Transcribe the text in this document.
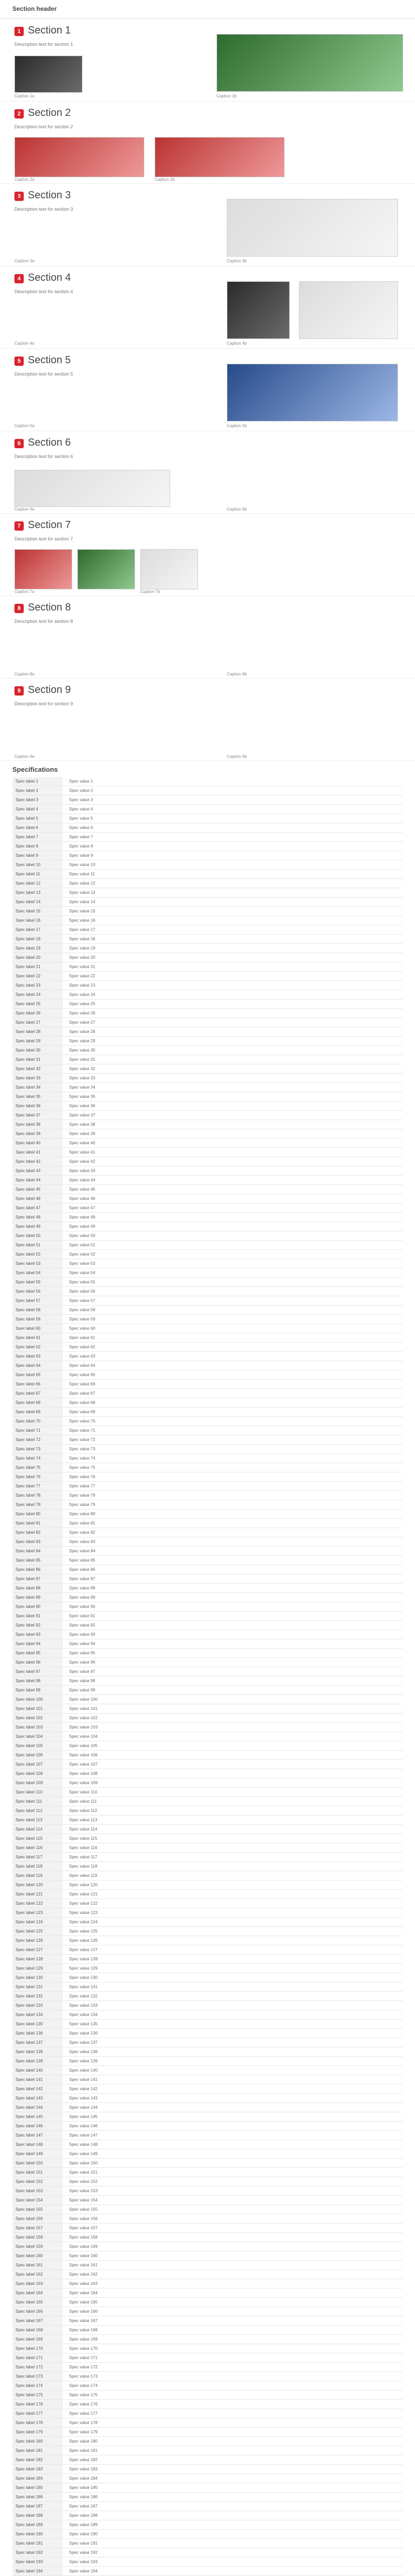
Section header
1 Section 1
Description text for section 1
Caption 1a	Caption 1b
2 Section 2
Description text for section 2
Caption 2a	Caption 2b
3 Section 3
Description text for section 3
Caption 3a	Caption 3b
4 Section 4
Description text for section 4
Caption 4a	Caption 4b
5 Section 5
Description text for section 5
Caption 5a	Caption 5b
6 Section 6
Description text for section 6
Caption 6a	Caption 6b
7 Section 7
Description text for section 7
Caption 7a	Caption 7b
8 Section 8
Description text for section 8
Caption 8a	Caption 8b
9 Section 9
Description text for section 9
Caption 9a	Caption 9b
Specifications
Spec label 1	Spec value 1
Spec label 2	Spec value 2
Spec label 3	Spec value 3
Spec label 4	Spec value 4
Spec label 5	Spec value 5
Spec label 6	Spec value 6
Spec label 7	Spec value 7
Spec label 8	Spec value 8
Spec label 9	Spec value 9
Spec label 10	Spec value 10
Spec label 11	Spec value 11
Spec label 12	Spec value 12
Spec label 13	Spec value 13
Spec label 14	Spec value 14
Spec label 15	Spec value 15
Spec label 16	Spec value 16
Spec label 17	Spec value 17
Spec label 18	Spec value 18
Spec label 19	Spec value 19
Spec label 20	Spec value 20
Spec label 21	Spec value 21
Spec label 22	Spec value 22
Spec label 23	Spec value 23
Spec label 24	Spec value 24
Spec label 25	Spec value 25
Spec label 26	Spec value 26
Spec label 27	Spec value 27
Spec label 28	Spec value 28
Spec label 29	Spec value 29
Spec label 30	Spec value 30
Spec label 31	Spec value 31
Spec label 32	Spec value 32
Spec label 33	Spec value 33
Spec label 34	Spec value 34
Spec label 35	Spec value 35
Spec label 36	Spec value 36
Spec label 37	Spec value 37
Spec label 38	Spec value 38
Spec label 39	Spec value 39
Spec label 40	Spec value 40
Spec label 41	Spec value 41
Spec label 42	Spec value 42
Spec label 43	Spec value 43
Spec label 44	Spec value 44
Spec label 45	Spec value 45
Spec label 46	Spec value 46
Spec label 47	Spec value 47
Spec label 48	Spec value 48
Spec label 49	Spec value 49
Spec label 50	Spec value 50
Spec label 51	Spec value 51
Spec label 52	Spec value 52
Spec label 53	Spec value 53
Spec label 54	Spec value 54
Spec label 55	Spec value 55
Spec label 56	Spec value 56
Spec label 57	Spec value 57
Spec label 58	Spec value 58
Spec label 59	Spec value 59
Spec label 60	Spec value 60
Spec label 61	Spec value 61
Spec label 62	Spec value 62
Spec label 63	Spec value 63
Spec label 64	Spec value 64
Spec label 65	Spec value 65
Spec label 66	Spec value 66
Spec label 67	Spec value 67
Spec label 68	Spec value 68
Spec label 69	Spec value 69
Spec label 70	Spec value 70
Spec label 71	Spec value 71
Spec label 72	Spec value 72
Spec label 73	Spec value 73
Spec label 74	Spec value 74
Spec label 75	Spec value 75
Spec label 76	Spec value 76
Spec label 77	Spec value 77
Spec label 78	Spec value 78
Spec label 79	Spec value 79
Spec label 80	Spec value 80
Spec label 81	Spec value 81
Spec label 82	Spec value 82
Spec label 83	Spec value 83
Spec label 84	Spec value 84
Spec label 85	Spec value 85
Spec label 86	Spec value 86
Spec label 87	Spec value 87
Spec label 88	Spec value 88
Spec label 89	Spec value 89
Spec label 90	Spec value 90
Spec label 91	Spec value 91
Spec label 92	Spec value 92
Spec label 93	Spec value 93
Spec label 94	Spec value 94
Spec label 95	Spec value 95
Spec label 96	Spec value 96
Spec label 97	Spec value 97
Spec label 98	Spec value 98
Spec label 99	Spec value 99
Spec label 100	Spec value 100
Spec label 101	Spec value 101
Spec label 102	Spec value 102
Spec label 103	Spec value 103
Spec label 104	Spec value 104
Spec label 105	Spec value 105
Spec label 106	Spec value 106
Spec label 107	Spec value 107
Spec label 108	Spec value 108
Spec label 109	Spec value 109
Spec label 110	Spec value 110
Spec label 111	Spec value 111
Spec label 112	Spec value 112
Spec label 113	Spec value 113
Spec label 114	Spec value 114
Spec label 115	Spec value 115
Spec label 116	Spec value 116
Spec label 117	Spec value 117
Spec label 118	Spec value 118
Spec label 119	Spec value 119
Spec label 120	Spec value 120
Spec label 121	Spec value 121
Spec label 122	Spec value 122
Spec label 123	Spec value 123
Spec label 124	Spec value 124
Spec label 125	Spec value 125
Spec label 126	Spec value 126
Spec label 127	Spec value 127
Spec label 128	Spec value 128
Spec label 129	Spec value 129
Spec label 130	Spec value 130
Spec label 131	Spec value 131
Spec label 132	Spec value 132
Spec label 133	Spec value 133
Spec label 134	Spec value 134
Spec label 135	Spec value 135
Spec label 136	Spec value 136
Spec label 137	Spec value 137
Spec label 138	Spec value 138
Spec label 139	Spec value 139
Spec label 140	Spec value 140
Spec label 141	Spec value 141
Spec label 142	Spec value 142
Spec label 143	Spec value 143
Spec label 144	Spec value 144
Spec label 145	Spec value 145
Spec label 146	Spec value 146
Spec label 147	Spec value 147
Spec label 148	Spec value 148
Spec label 149	Spec value 149
Spec label 150	Spec value 150
Spec label 151	Spec value 151
Spec label 152	Spec value 152
Spec label 153	Spec value 153
Spec label 154	Spec value 154
Spec label 155	Spec value 155
Spec label 156	Spec value 156
Spec label 157	Spec value 157
Spec label 158	Spec value 158
Spec label 159	Spec value 159
Spec label 160	Spec value 160
Spec label 161	Spec value 161
Spec label 162	Spec value 162
Spec label 163	Spec value 163
Spec label 164	Spec value 164
Spec label 165	Spec value 165
Spec label 166	Spec value 166
Spec label 167	Spec value 167
Spec label 168	Spec value 168
Spec label 169	Spec value 169
Spec label 170	Spec value 170
Spec label 171	Spec value 171
Spec label 172	Spec value 172
Spec label 173	Spec value 173
Spec label 174	Spec value 174
Spec label 175	Spec value 175
Spec label 176	Spec value 176
Spec label 177	Spec value 177
Spec label 178	Spec value 178
Spec label 179	Spec value 179
Spec label 180	Spec value 180
Spec label 181	Spec value 181
Spec label 182	Spec value 182
Spec label 183	Spec value 183
Spec label 184	Spec value 184
Spec label 185	Spec value 185
Spec label 186	Spec value 186
Spec label 187	Spec value 187
Spec label 188	Spec value 188
Spec label 189	Spec value 189
Spec label 190	Spec value 190
Spec label 191	Spec value 191
Spec label 192	Spec value 192
Spec label 193	Spec value 193
Spec label 194	Spec value 194
